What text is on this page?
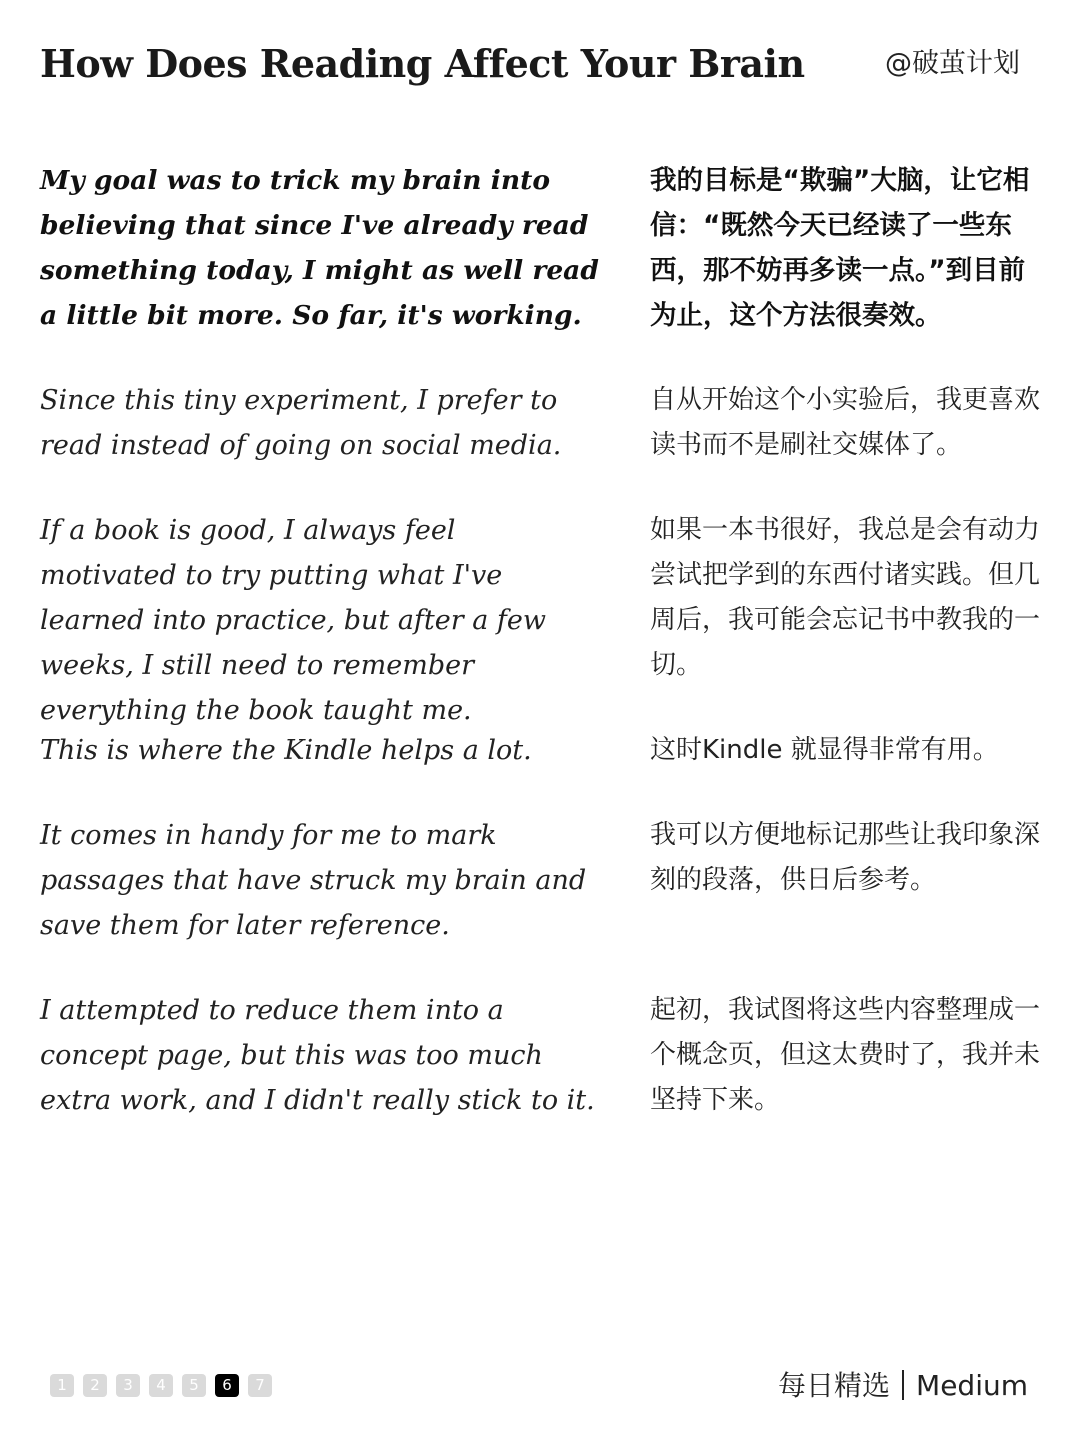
How Does Reading Affect Your Brain	@破茧计划
My goal was to trick my brain into believing that since I've already read something today, I might as well read a little bit more. So far, it's working.
我的目标是“欺骗”大脑，让它相信：“既然今天已经读了一些东西，那不妨再多读一点。”到目前为止，这个方法很奏效。
Since this tiny experiment, I prefer to read instead of going on social media.
自从开始这个小实验后，我更喜欢读书而不是刷社交媒体了。
If a book is good, I always feel motivated to try putting what I've learned into practice, but after a few weeks, I still need to remember everything the book taught me.
如果一本书很好，我总是会有动力尝试把学到的东西付诸实践。但几周后，我可能会忘记书中教我的一切。
This is where the Kindle helps a lot.	这时Kindle 就显得非常有用。
It comes in handy for me to mark passages that have struck my brain and save them for later reference.
我可以方便地标记那些让我印象深刻的段落，供日后参考。
I attempted to reduce them into a concept page, but this was too much extra work, and I didn't really stick to it.
起初，我试图将这些内容整理成一个概念页，但这太费时了，我并未坚持下来。
1	2	3	4	5	6	7	每日精选 Medium
